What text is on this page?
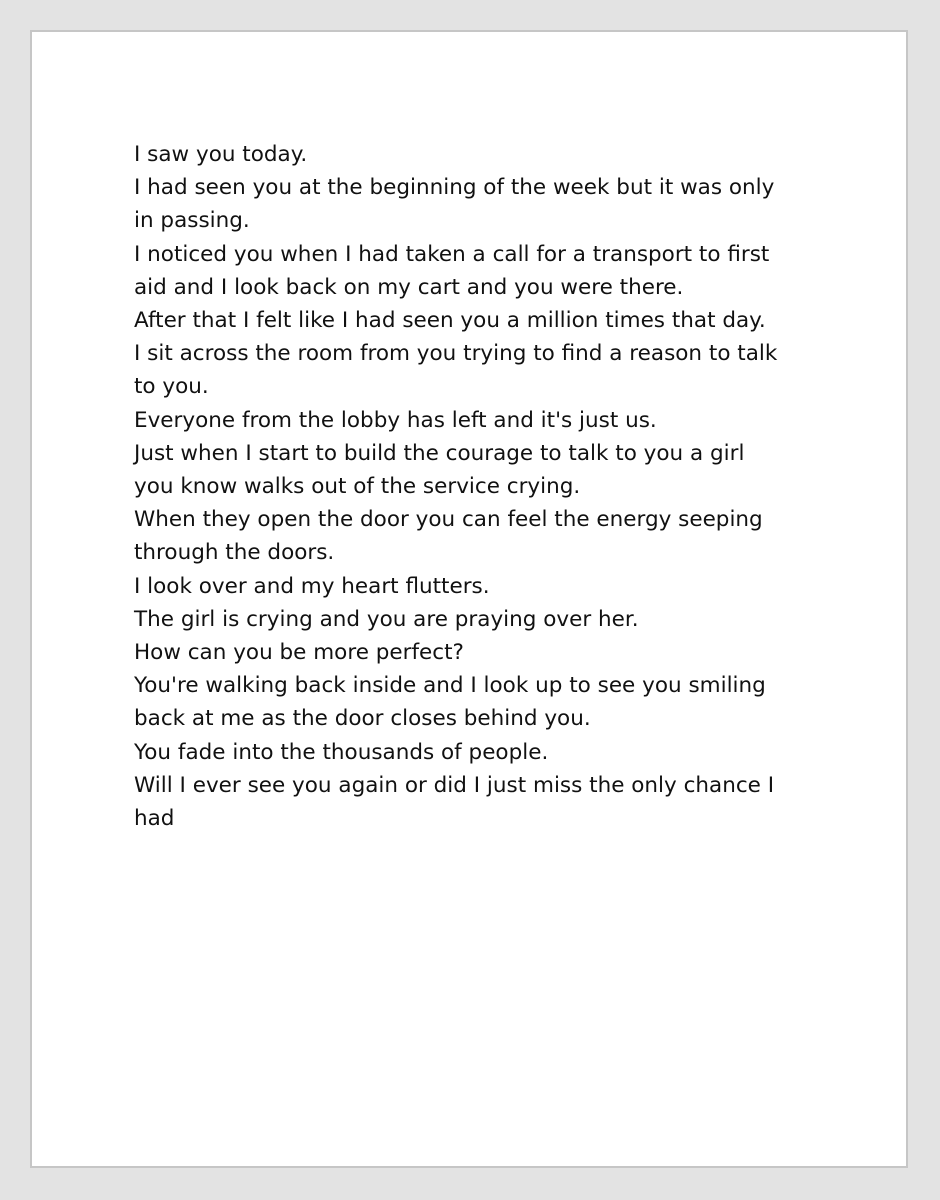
I saw you today.
I had seen you at the beginning of the week but it was only
in passing.
I noticed you when I had taken a call for a transport to first
aid and I look back on my cart and you were there.
After that I felt like I had seen you a million times that day.
I sit across the room from you trying to find a reason to talk
to you.
Everyone from the lobby has left and it's just us.
Just when I start to build the courage to talk to you a girl
you know walks out of the service crying.
When they open the door you can feel the energy seeping
through the doors.
I look over and my heart flutters.
The girl is crying and you are praying over her.
How can you be more perfect?
You're walking back inside and I look up to see you smiling
back at me as the door closes behind you.
You fade into the thousands of people.
Will I ever see you again or did I just miss the only chance I
had
